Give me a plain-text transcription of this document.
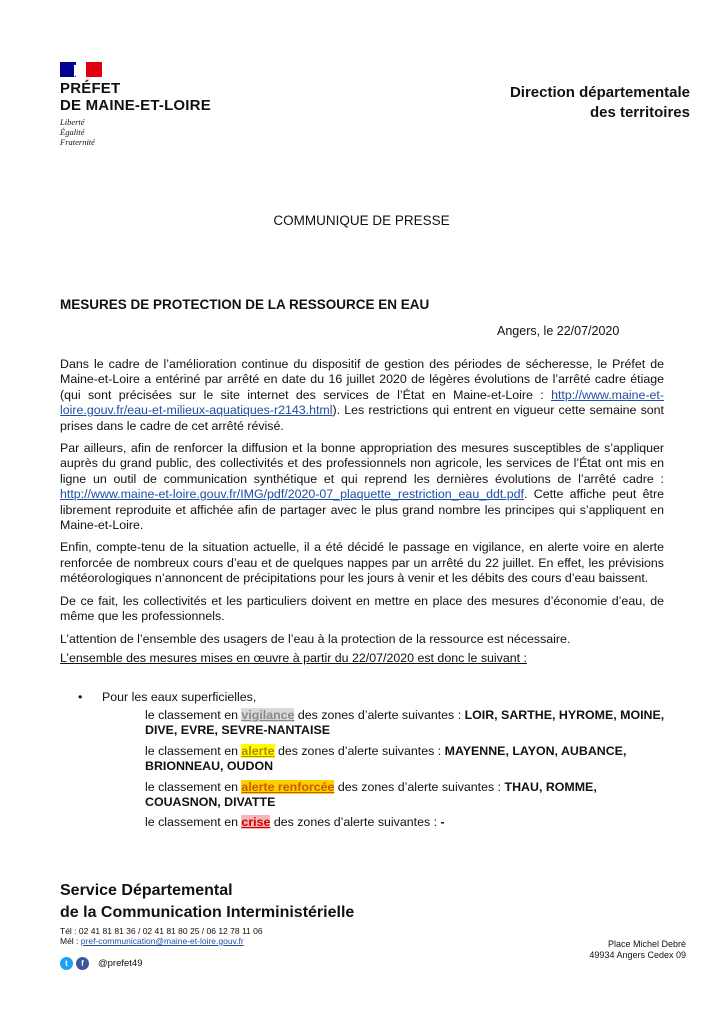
PRÉFET
DE MAINE-ET-LOIRE
Liberté
Égalité
Fraternité
Direction départementale
des territoires
COMMUNIQUE DE PRESSE
MESURES DE PROTECTION DE LA RESSOURCE EN EAU
Angers, le 22/07/2020

Dans le cadre de l’amélioration continue du dispositif de gestion des périodes de sécheresse, le Préfet de Maine-et-Loire a entériné par arrêté en date du 16 juillet 2020 de légères évolutions de l’arrêté cadre étiage (qui sont précisées sur le site internet des services de l’État en Maine-et-Loire : http://www.maine-et-loire.gouv.fr/eau-et-milieux-aquatiques-r2143.html). Les restrictions qui entrent en vigueur cette semaine sont prises dans le cadre de cet arrêté révisé.

Par ailleurs, afin de renforcer la diffusion et la bonne appropriation des mesures susceptibles de s’appliquer auprès du grand public, des collectivités et des professionnels non agricole, les services de l’État ont mis en ligne un outil de communication synthétique et qui reprend les dernières évolutions de l’arrêté cadre : http://www.maine-et-loire.gouv.fr/IMG/pdf/2020-07_plaquette_restriction_eau_ddt.pdf. Cette affiche peut être librement reproduite et affichée afin de partager avec le plus grand nombre les principes qui s’appliquent en Maine-et-Loire.

Enfin, compte-tenu de la situation actuelle, il a été décidé le passage en vigilance, en alerte voire en alerte renforcée de nombreux cours d’eau et de quelques nappes par un arrêté du 22 juillet. En effet, les prévisions météorologiques n’annoncent de précipitations pour les jours à venir et les débits des cours d’eau baissent.

De ce fait, les collectivités et les particuliers doivent en mettre en place des mesures d’économie d’eau, de même que les professionnels.

L’attention de l’ensemble des usagers de l’eau à la protection de la ressource est nécessaire.

L’ensemble des mesures mises en œuvre à partir du 22/07/2020 est donc le suivant :
• Pour les eaux superficielles,
le classement en vigilance des zones d’alerte suivantes : LOIR, SARTHE, HYROME, MOINE, DIVE, EVRE, SEVRE-NANTAISE
le classement en alerte des zones d’alerte suivantes : MAYENNE, LAYON, AUBANCE, BRIONNEAU, OUDON
le classement en alerte renforcée des zones d’alerte suivantes : THAU, ROMME, COUASNON, DIVATTE
le classement en crise des zones d’alerte suivantes : -
Service Départemental
de la Communication Interministérielle
Tél : 02 41 81 81 36 / 02 41 81 80 25 / 06 12 78 11 06
Mél : pref-communication@maine-et-loire.gouv.fr
t	f	@prefet49
Place Michel Debré
49934 Angers Cedex 09
